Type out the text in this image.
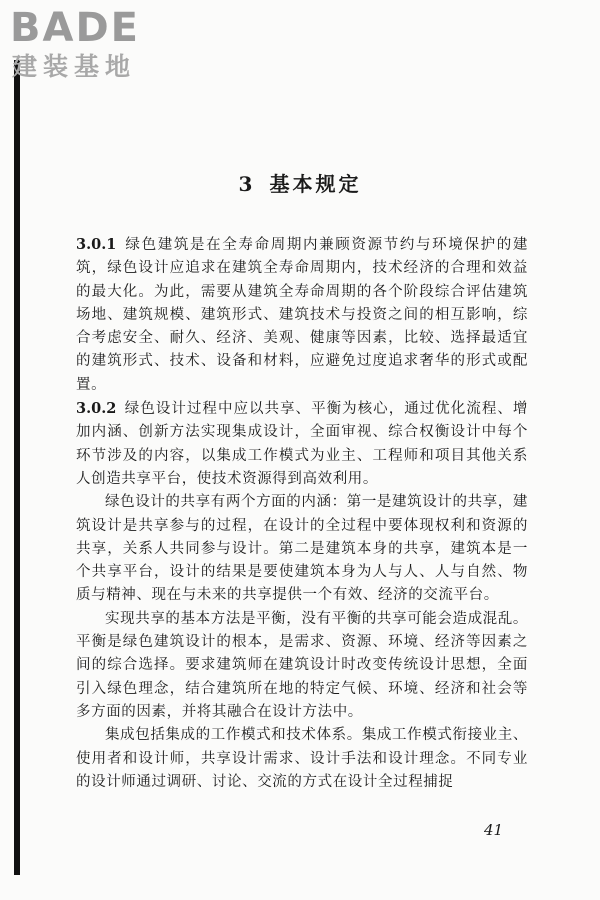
BADE
建装基地
3 基本规定

3.0.1 绿色建筑是在全寿命周期内兼顾资源节约与环境保护的建筑，绿色设计应追求在建筑全寿命周期内，技术经济的合理和效益的最大化。为此，需要从建筑全寿命周期的各个阶段综合评估建筑场地、建筑规模、建筑形式、建筑技术与投资之间的相互影响，综合考虑安全、耐久、经济、美观、健康等因素，比较、选择最适宜的建筑形式、技术、设备和材料，应避免过度追求奢华的形式或配置。

3.0.2 绿色设计过程中应以共享、平衡为核心，通过优化流程、增加内涵、创新方法实现集成设计，全面审视、综合权衡设计中每个环节涉及的内容，以集成工作模式为业主、工程师和项目其他关系人创造共享平台，使技术资源得到高效利用。

绿色设计的共享有两个方面的内涵：第一是建筑设计的共享，建筑设计是共享参与的过程，在设计的全过程中要体现权利和资源的共享，关系人共同参与设计。第二是建筑本身的共享，建筑本是一个共享平台，设计的结果是要使建筑本身为人与人、人与自然、物质与精神、现在与未来的共享提供一个有效、经济的交流平台。

实现共享的基本方法是平衡，没有平衡的共享可能会造成混乱。平衡是绿色建筑设计的根本，是需求、资源、环境、经济等因素之间的综合选择。要求建筑师在建筑设计时改变传统设计思想，全面引入绿色理念，结合建筑所在地的特定气候、环境、经济和社会等多方面的因素，并将其融合在设计方法中。

集成包括集成的工作模式和技术体系。集成工作模式衔接业主、使用者和设计师，共享设计需求、设计手法和设计理念。不同专业的设计师通过调研、讨论、交流的方式在设计全过程捕捉

41
